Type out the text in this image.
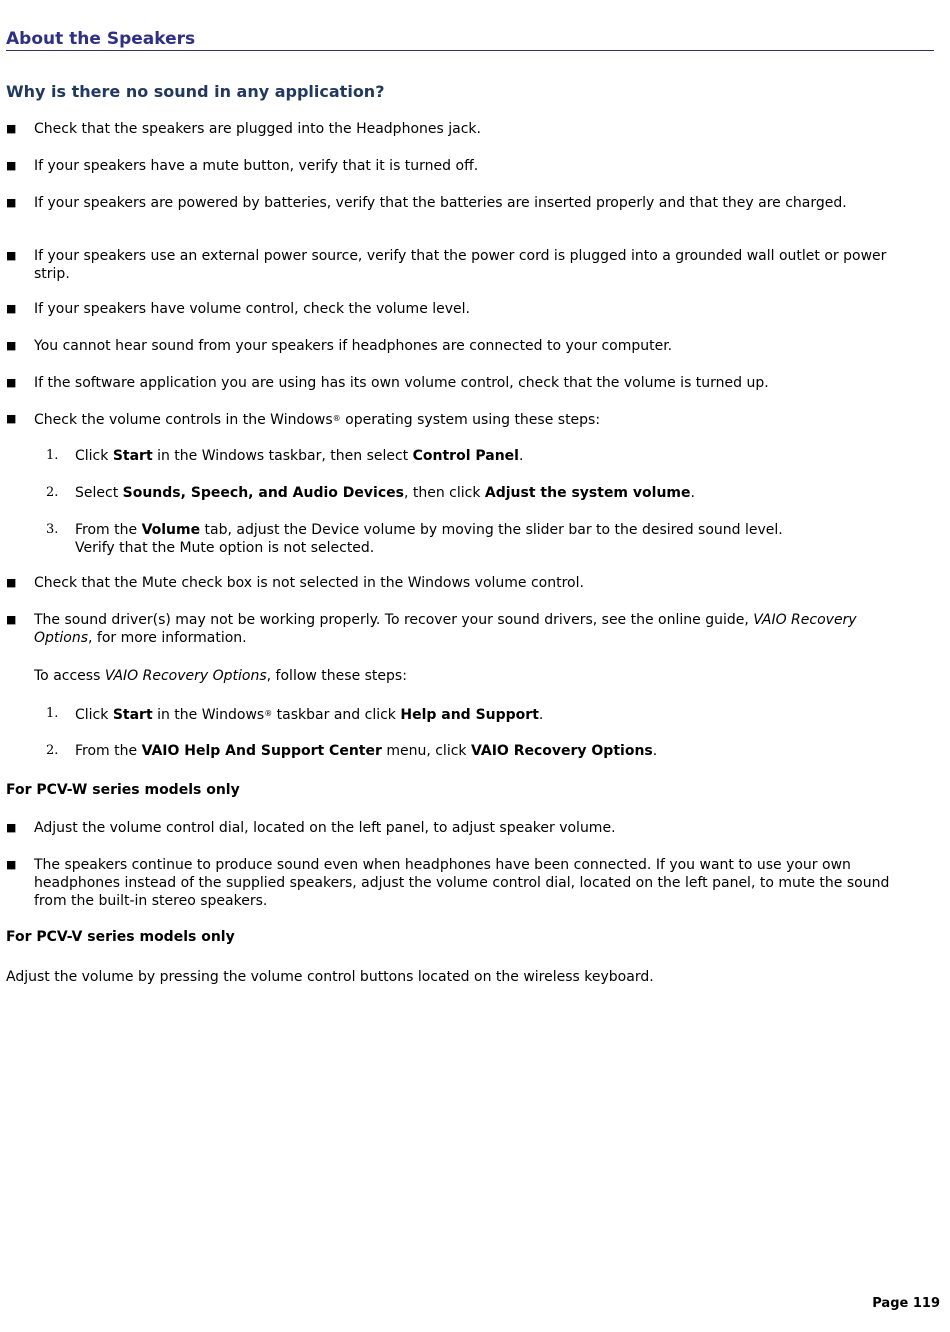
About the Speakers
Why is there no sound in any application?
■	Check that the speakers are plugged into the Headphones jack.
■	If your speakers have a mute button, verify that it is turned off.
■	If your speakers are powered by batteries, verify that the batteries are inserted properly and that they are charged.
■	If your speakers use an external power source, verify that the power cord is plugged into a grounded wall outlet or power strip.
■	If your speakers have volume control, check the volume level.
■	You cannot hear sound from your speakers if headphones are connected to your computer.
■	If the software application you are using has its own volume control, check that the volume is turned up.
■	Check the volume controls in the Windows® operating system using these steps:
1.	Click Start in the Windows taskbar, then select Control Panel.
2.	Select Sounds, Speech, and Audio Devices, then click Adjust the system volume.
3.	From the Volume tab, adjust the Device volume by moving the slider bar to the desired sound level.
Verify that the Mute option is not selected.
■	Check that the Mute check box is not selected in the Windows volume control.
■	The sound driver(s) may not be working properly. To recover your sound drivers, see the online guide, VAIO Recovery Options, for more information.
To access VAIO Recovery Options, follow these steps:
1.	Click Start in the Windows® taskbar and click Help and Support.
2.	From the VAIO Help And Support Center menu, click VAIO Recovery Options.
For PCV-W series models only
■	Adjust the volume control dial, located on the left panel, to adjust speaker volume.
■	The speakers continue to produce sound even when headphones have been connected. If you want to use your own headphones instead of the supplied speakers, adjust the volume control dial, located on the left panel, to mute the sound from the built-in stereo speakers.
For PCV-V series models only
Adjust the volume by pressing the volume control buttons located on the wireless keyboard.
Page 119
